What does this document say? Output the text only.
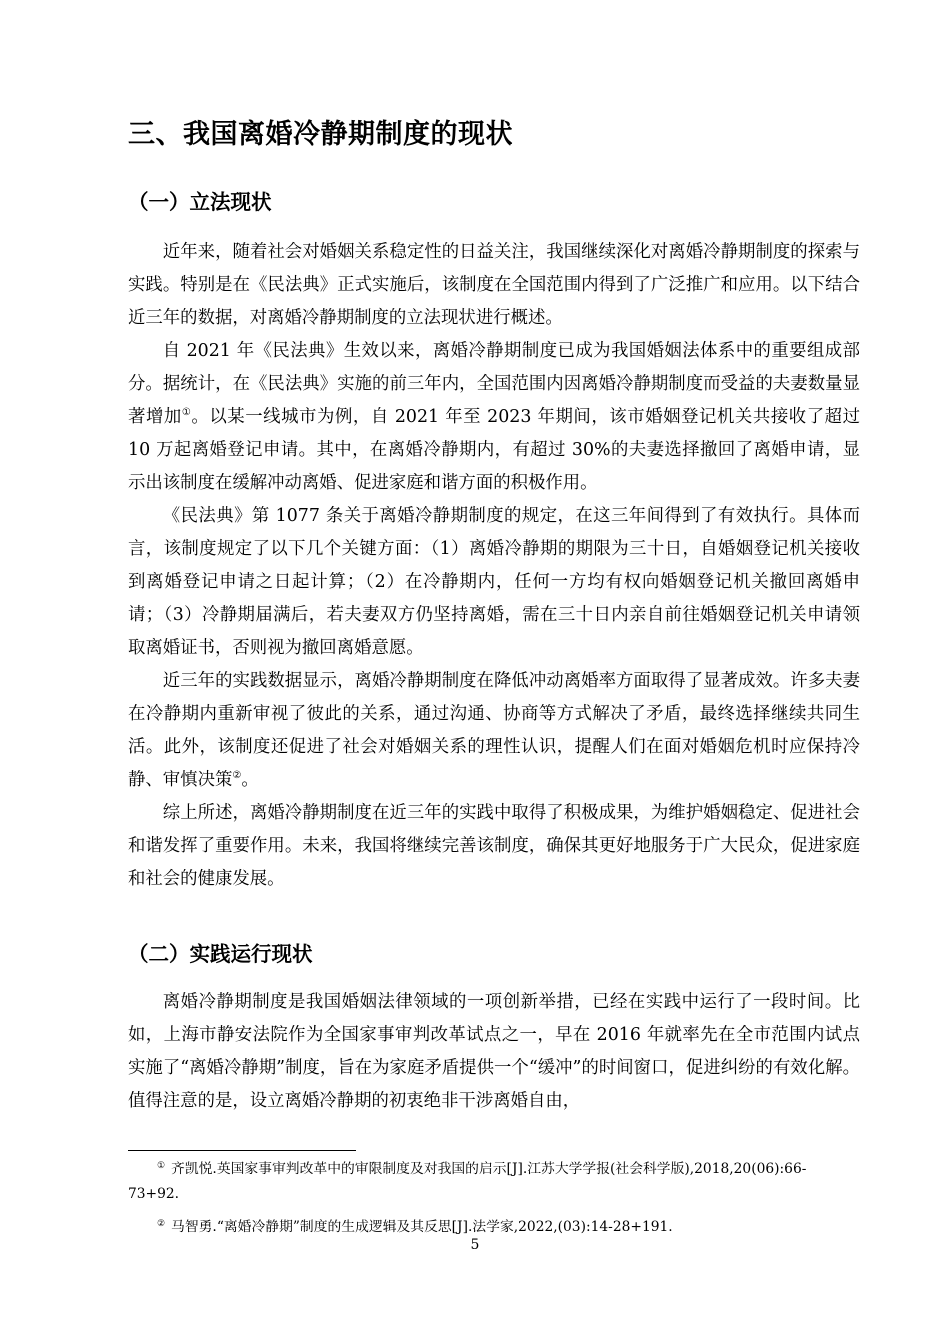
三、我国离婚冷静期制度的现状
（一）立法现状

近年来，随着社会对婚姻关系稳定性的日益关注，我国继续深化对离婚冷静期制度的探索与实践。特别是在《民法典》正式实施后，该制度在全国范围内得到了广泛推广和应用。以下结合近三年的数据，对离婚冷静期制度的立法现状进行概述。

自 2021 年《民法典》生效以来，离婚冷静期制度已成为我国婚姻法体系中的重要组成部分。据统计，在《民法典》实施的前三年内，全国范围内因离婚冷静期制度而受益的夫妻数量显著增加①。以某一线城市为例，自 2021 年至 2023 年期间，该市婚姻登记机关共接收了超过 10 万起离婚登记申请。其中，在离婚冷静期内，有超过 30%的夫妻选择撤回了离婚申请，显示出该制度在缓解冲动离婚、促进家庭和谐方面的积极作用。

《民法典》第 1077 条关于离婚冷静期制度的规定，在这三年间得到了有效执行。具体而言，该制度规定了以下几个关键方面：（1）离婚冷静期的期限为三十日，自婚姻登记机关接收到离婚登记申请之日起计算；（2）在冷静期内，任何一方均有权向婚姻登记机关撤回离婚申请；（3）冷静期届满后，若夫妻双方仍坚持离婚，需在三十日内亲自前往婚姻登记机关申请领取离婚证书，否则视为撤回离婚意愿。

近三年的实践数据显示，离婚冷静期制度在降低冲动离婚率方面取得了显著成效。许多夫妻在冷静期内重新审视了彼此的关系，通过沟通、协商等方式解决了矛盾，最终选择继续共同生活。此外，该制度还促进了社会对婚姻关系的理性认识，提醒人们在面对婚姻危机时应保持冷静、审慎决策②。

综上所述，离婚冷静期制度在近三年的实践中取得了积极成果，为维护婚姻稳定、促进社会和谐发挥了重要作用。未来，我国将继续完善该制度，确保其更好地服务于广大民众，促进家庭和社会的健康发展。

（二）实践运行现状

离婚冷静期制度是我国婚姻法律领域的一项创新举措，已经在实践中运行了一段时间。比如，上海市静安法院作为全国家事审判改革试点之一，早在 2016 年就率先在全市范围内试点实施了“离婚冷静期”制度，旨在为家庭矛盾提供一个“缓冲”的时间窗口，促进纠纷的有效化解。值得注意的是，设立离婚冷静期的初衷绝非干涉离婚自由，

① 齐凯悦.英国家事审判改革中的审限制度及对我国的启示[J].江苏大学学报(社会科学版),2018,20(06):66-73+92.

② 马智勇.“离婚冷静期”制度的生成逻辑及其反思[J].法学家,2022,(03):14-28+191.

5
